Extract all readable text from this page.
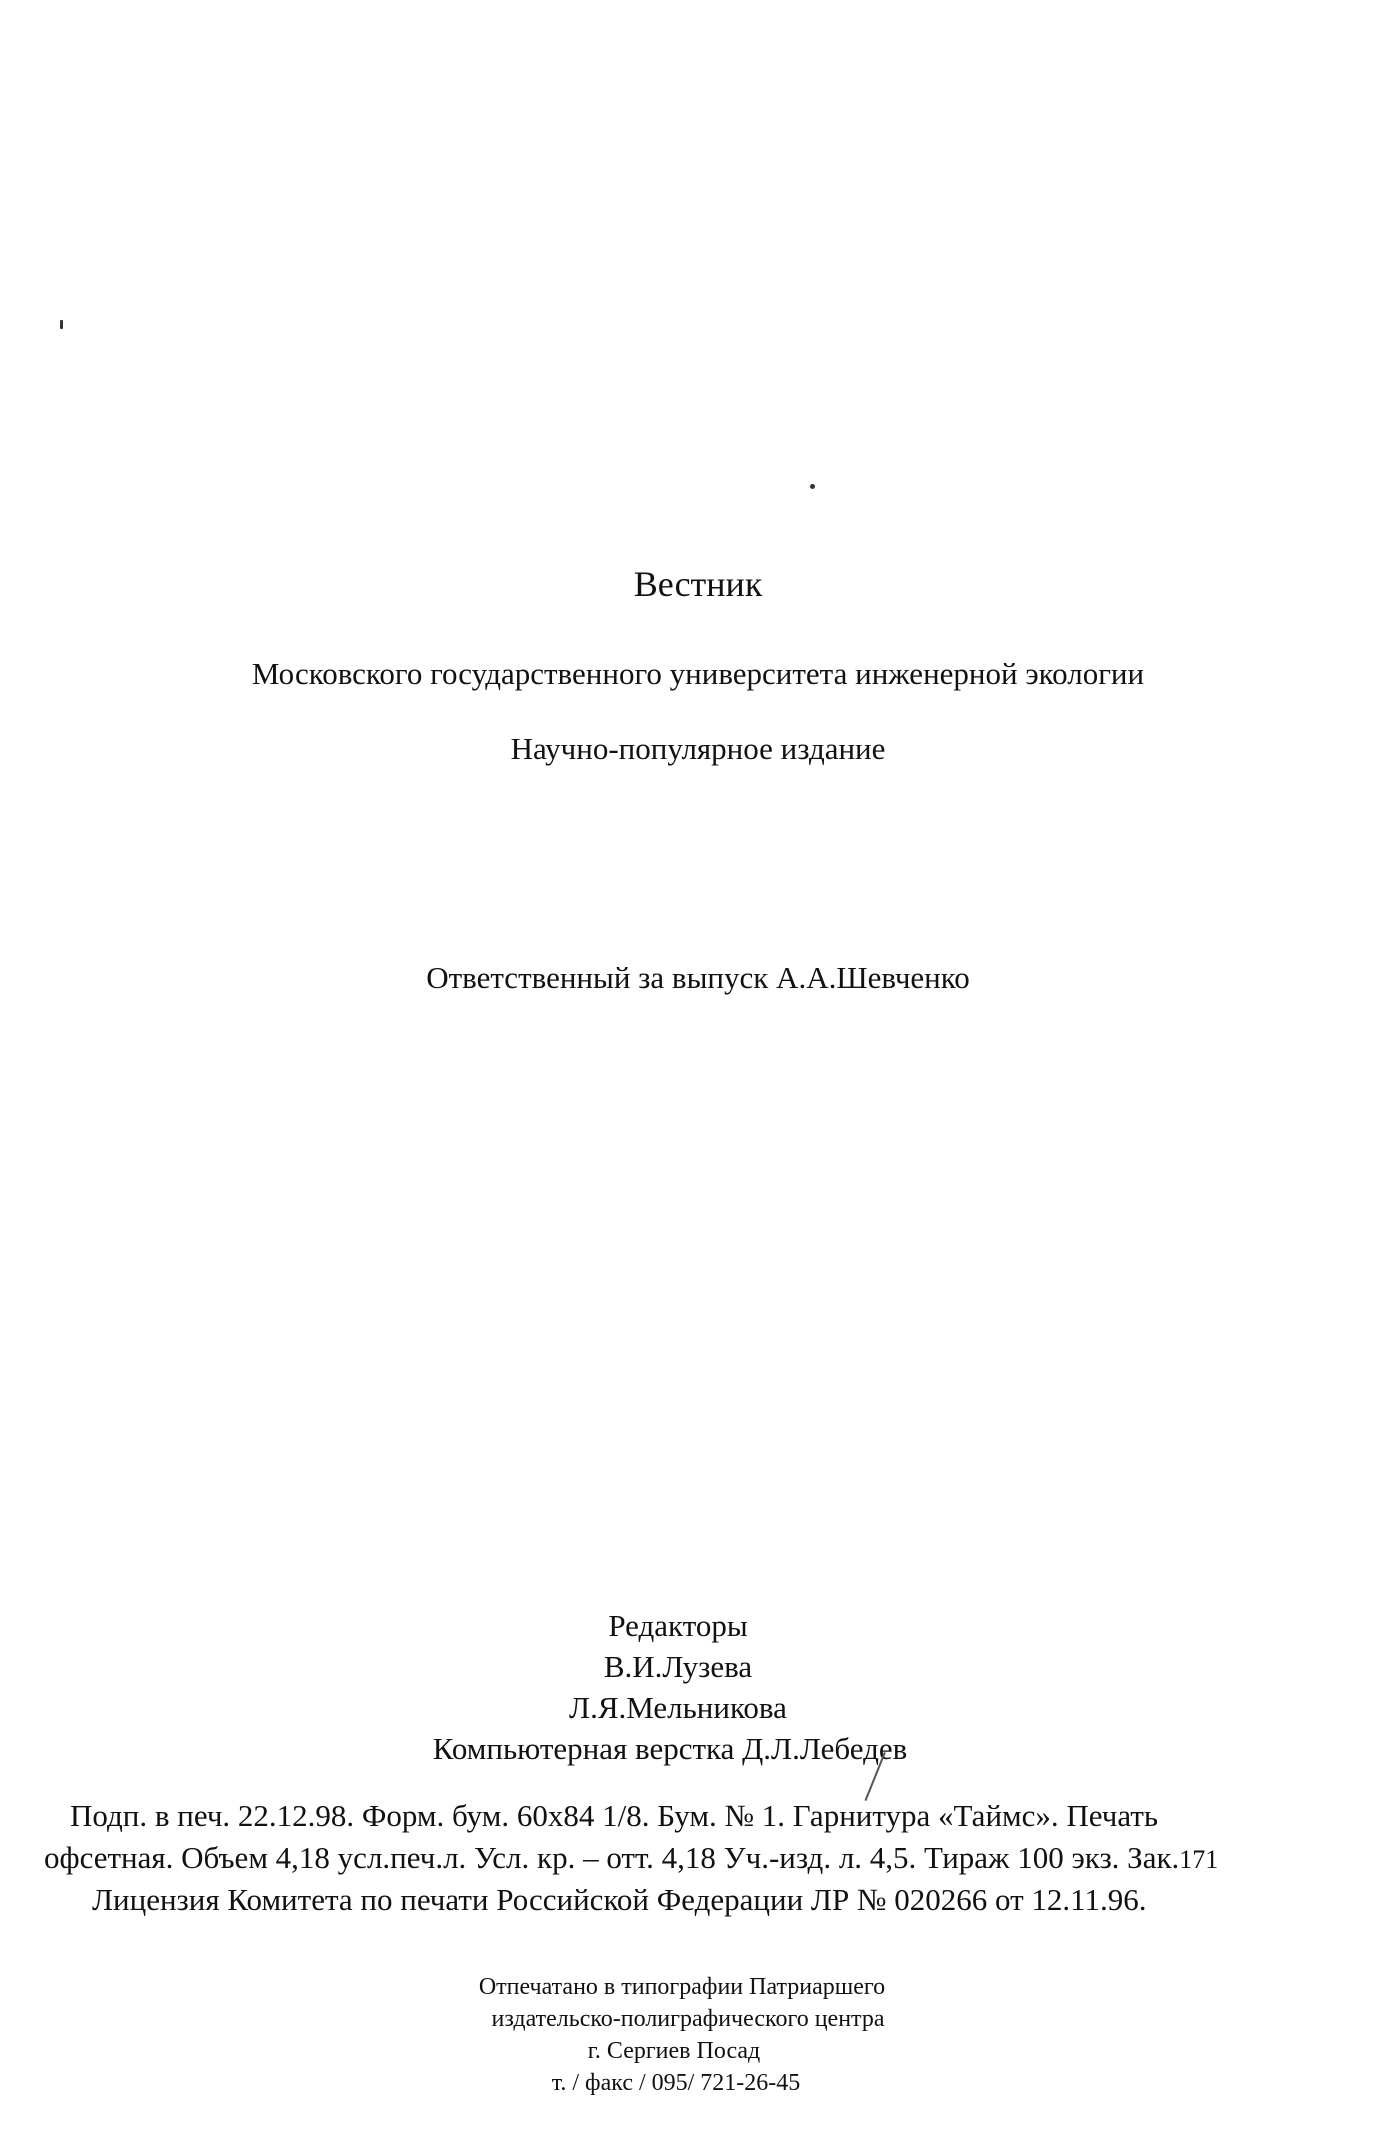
Вестник
Московского государственного университета инженерной экологии
Научно-популярное издание
Ответственный за выпуск А.А.Шевченко
Редакторы
В.И.Лузева
Л.Я.Мельникова
Компьютерная верстка Д.Л.Лебедев
Подп. в печ. 22.12.98. Форм. бум. 60х84 1/8. Бум. № 1. Гарнитура «Таймс». Печать
офсетная. Объем 4,18 усл.печ.л. Усл. кр. – отт. 4,18 Уч.-изд. л. 4,5. Тираж 100 экз. Зак.171
Лицензия Комитета по печати Российской Федерации ЛР № 020266 от 12.11.96.
Отпечатано в типографии Патриаршего
издательско-полиграфического центра
г. Сергиев Посад
т. / факс / 095/ 721-26-45
